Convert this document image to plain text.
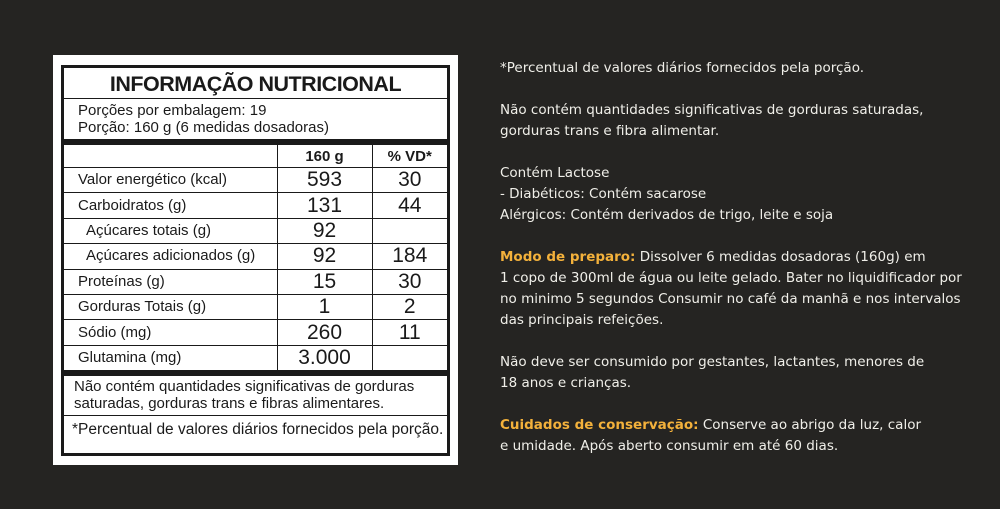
INFORMAÇÃO NUTRICIONAL
Porções por embalagem: 19
Porção: 160 g (6 medidas dosadoras)
	160 g	% VD*
Valor energético (kcal)	593	30
Carboidratos (g)	131	44
Açúcares totais (g)	92	
Açúcares adicionados (g)	92	184
Proteínas (g)	15	30
Gorduras Totais (g)	1	2
Sódio (mg)	260	11
Glutamina (mg)	3.000	
Não contém quantidades significativas de gorduras
saturadas, gorduras trans e fibras alimentares.
*Percentual de valores diários fornecidos pela porção.

*Percentual de valores diários fornecidos pela porção.

Não contém quantidades significativas de gorduras saturadas,

gorduras trans e fibra alimentar.

Contém Lactose

- Diabéticos: Contém sacarose

Alérgicos: Contém derivados de trigo, leite e soja

Modo de preparo: Dissolver 6 medidas dosadoras (160g) em

1 copo de 300ml de água ou leite gelado. Bater no liquidificador por

no minimo 5 segundos Consumir no café da manhã e nos intervalos

das principais refeições.

Não deve ser consumido por gestantes, lactantes, menores de

18 anos e crianças.

Cuidados de conservação: Conserve ao abrigo da luz, calor

e umidade. Após aberto consumir em até 60 dias.
